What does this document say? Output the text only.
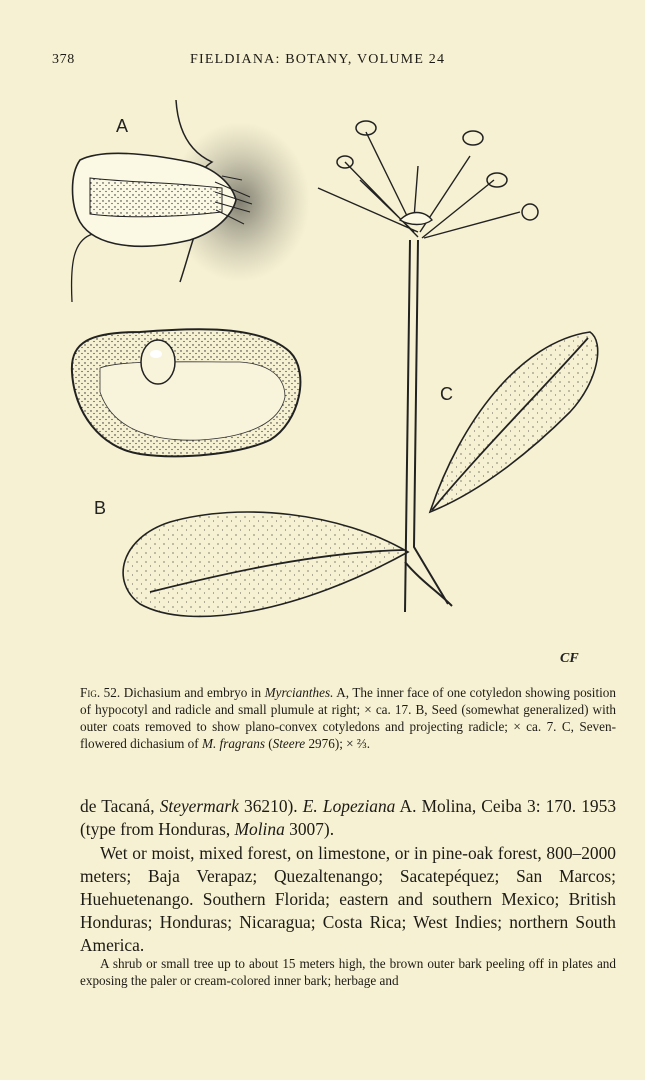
378	FIELDIANA: BOTANY, VOLUME 24
A
B
C
CF
Fig. 52. Dichasium and embryo in Myrcianthes. A, The inner face of one cotyledon showing position of hypocotyl and radicle and small plumule at right; × ca. 17. B, Seed (somewhat generalized) with outer coats removed to show plano-convex cotyledons and projecting radicle; × ca. 7. C, Seven-flowered dichasium of M. fragrans (Steere 2976); × ⅔.
de Tacaná, Steyermark 36210). E. Lopeziana A. Molina, Ceiba 3: 170. 1953 (type from Honduras, Molina 3007).
Wet or moist, mixed forest, on limestone, or in pine-oak forest, 800–2000 meters; Baja Verapaz; Quezaltenango; Sacatepéquez; San Marcos; Huehuetenango. Southern Florida; eastern and southern Mexico; British Honduras; Honduras; Nicaragua; Costa Rica; West Indies; northern South America.
A shrub or small tree up to about 15 meters high, the brown outer bark peeling off in plates and exposing the paler or cream-colored inner bark; herbage and
